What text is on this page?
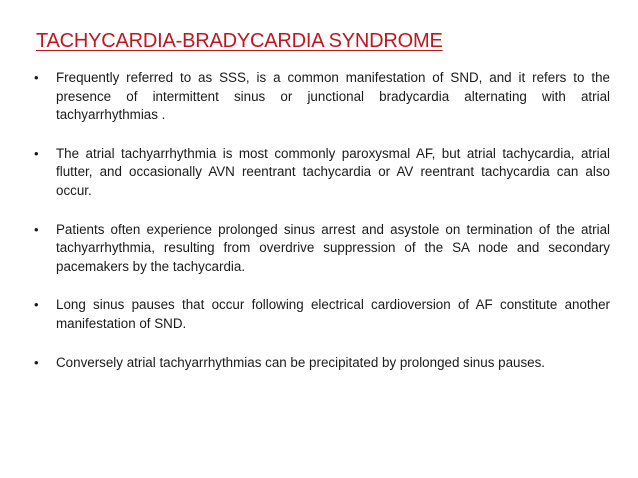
TACHYCARDIA-BRADYCARDIA SYNDROME
•	Frequently referred to as SSS, is a common manifestation of SND, and it refers to the presence of intermittent sinus or junctional bradycardia alternating with atrial tachyarrhythmias .
•	The atrial tachyarrhythmia is most commonly paroxysmal AF, but atrial tachycardia, atrial flutter, and occasionally AVN reentrant tachycardia or AV reentrant tachycardia can also occur.
•	Patients often experience prolonged sinus arrest and asystole on termination of the atrial tachyarrhythmia, resulting from overdrive suppression of the SA node and secondary pacemakers by the tachycardia.
•	Long sinus pauses that occur following electrical cardioversion of AF constitute another manifestation of SND.
•	Conversely atrial tachyarrhythmias can be precipitated by prolonged sinus pauses.
